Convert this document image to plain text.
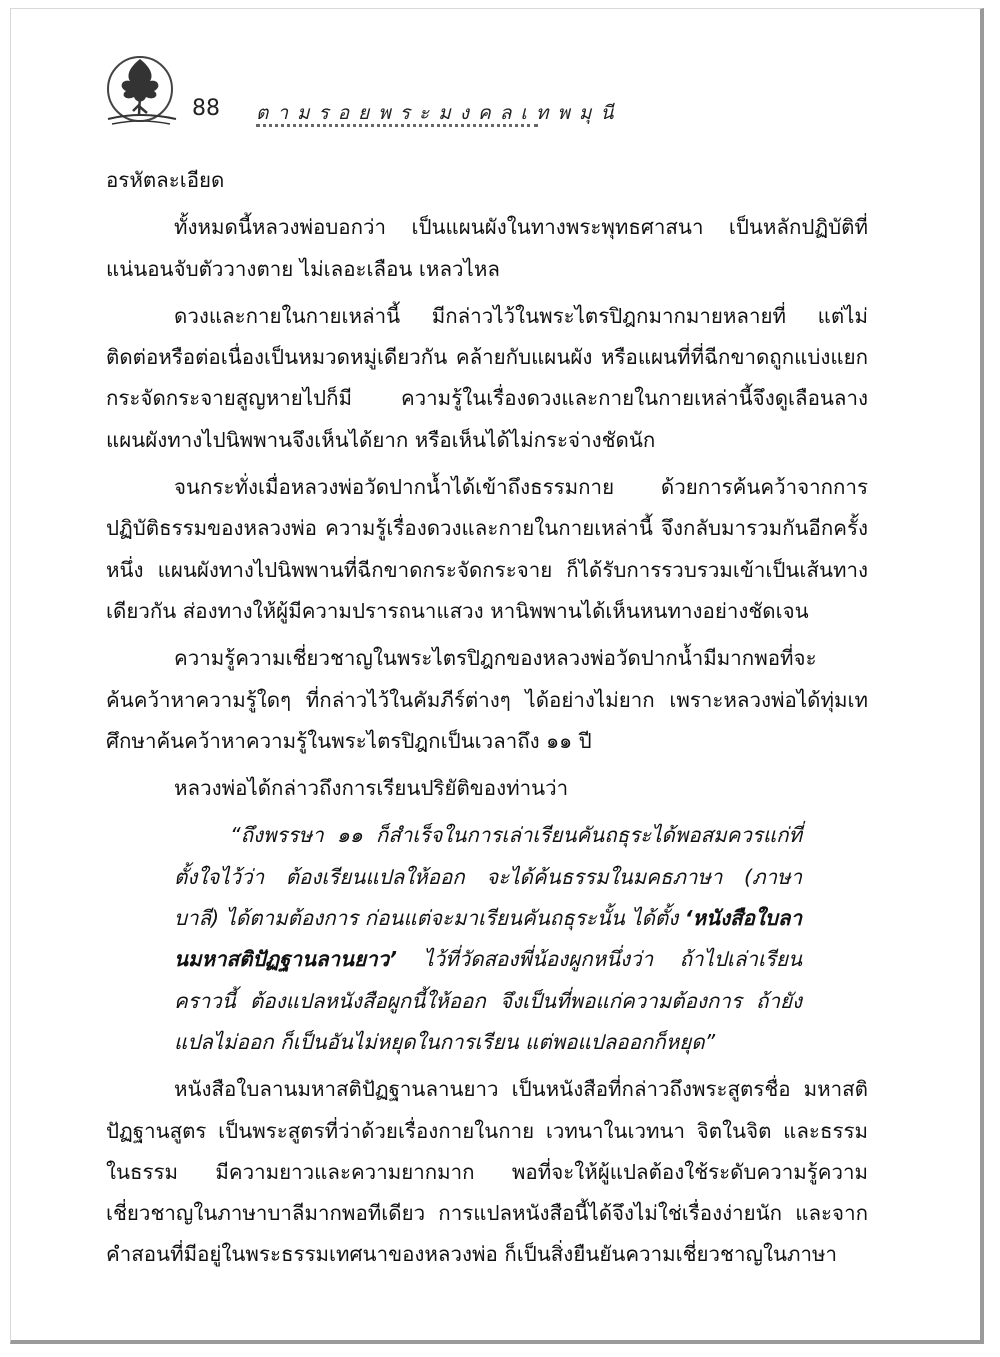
88 ตามรอยพระมงคลเทพมุนี

อรหัตละเอียด

ทั้งหมดนี้หลวงพ่อบอกว่า เป็นแผนผังในทางพระพุทธศาสนา เป็นหลักปฏิบัติที่แน่นอนจับตัววางตาย ไม่เลอะเลือน เหลวไหล

ดวงและกายในกายเหล่านี้ มีกล่าวไว้ในพระไตรปิฎกมากมายหลายที่ แต่ไม่ติดต่อหรือต่อเนื่องเป็นหมวดหมู่เดียวกัน คล้ายกับแผนผัง หรือแผนที่ที่ฉีกขาดถูกแบ่งแยก กระจัดกระจายสูญหายไปก็มี ความรู้ในเรื่องดวงและกายในกายเหล่านี้จึงดูเลือนลางแผนผังทางไปนิพพานจึงเห็นได้ยาก หรือเห็นได้ไม่กระจ่างชัดนัก

จนกระทั่งเมื่อหลวงพ่อวัดปากน้ำได้เข้าถึงธรรมกาย ด้วยการค้นคว้าจากการปฏิบัติธรรมของหลวงพ่อ ความรู้เรื่องดวงและกายในกายเหล่านี้ จึงกลับมารวมกันอีกครั้งหนึ่ง แผนผังทางไปนิพพานที่ฉีกขาดกระจัดกระจาย ก็ได้รับการรวบรวมเข้าเป็นเส้นทางเดียวกัน ส่องทางให้ผู้มีความปรารถนาแสวง หานิพพานได้เห็นหนทางอย่างชัดเจน

ความรู้ความเชี่ยวชาญในพระไตรปิฎกของหลวงพ่อวัดปากน้ำมีมากพอที่จะค้นคว้าหาความรู้ใดๆ ที่กล่าวไว้ในคัมภีร์ต่างๆ ได้อย่างไม่ยาก เพราะหลวงพ่อได้ทุ่มเทศึกษาค้นคว้าหาความรู้ในพระไตรปิฎกเป็นเวลาถึง ๑๑ ปี

หลวงพ่อได้กล่าวถึงการเรียนปริยัติของท่านว่า

“ถึงพรรษา ๑๑ ก็สำเร็จในการเล่าเรียนคันถธุระได้พอสมควรแก่ที่ตั้งใจไว้ว่า ต้องเรียนแปลให้ออก จะได้ค้นธรรมในมคธภาษา (ภาษาบาลี) ได้ตามต้องการ ก่อนแต่จะมาเรียนคันถธุระนั้น ได้ตั้ง ‘หนังสือใบลานมหาสติปัฏฐานลานยาว’ ไว้ที่วัดสองพี่น้องผูกหนึ่งว่า ถ้าไปเล่าเรียนคราวนี้ ต้องแปลหนังสือผูกนี้ให้ออก จึงเป็นที่พอแก่ความต้องการ ถ้ายังแปลไม่ออก ก็เป็นอันไม่หยุดในการเรียน แต่พอแปลออกก็หยุด”

หนังสือใบลานมหาสติปัฏฐานลานยาว เป็นหนังสือที่กล่าวถึงพระสูตรชื่อ มหาสติปัฏฐานสูตร เป็นพระสูตรที่ว่าด้วยเรื่องกายในกาย เวทนาในเวทนา จิตในจิต และธรรมในธรรม มีความยาวและความยากมาก พอที่จะให้ผู้แปลต้องใช้ระดับความรู้ความเชี่ยวชาญในภาษาบาลีมากพอทีเดียว การแปลหนังสือนี้ได้จึงไม่ใช่เรื่องง่ายนัก และจากคำสอนที่มีอยู่ในพระธรรมเทศนาของหลวงพ่อ ก็เป็นสิ่งยืนยันความเชี่ยวชาญในภาษา
